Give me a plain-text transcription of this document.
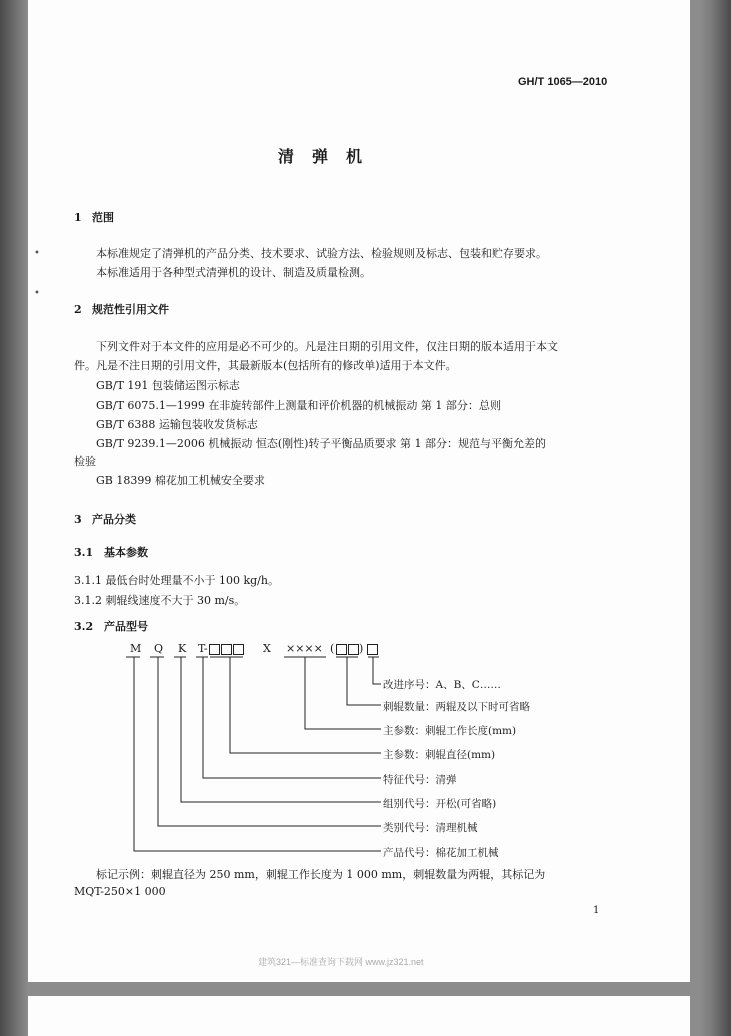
GH/T 1065—2010
清弹机
•
•
1 范围
本标准规定了清弹机的产品分类、技术要求、试验方法、检验规则及标志、包装和贮存要求。
本标准适用于各种型式清弹机的设计、制造及质量检测。
2 规范性引用文件
下列文件对于本文件的应用是必不可少的。凡是注日期的引用文件，仅注日期的版本适用于本文
件。凡是不注日期的引用文件，其最新版本(包括所有的修改单)适用于本文件。
GB/T 191 包装储运图示标志
GB/T 6075.1—1999 在非旋转部件上测量和评价机器的机械振动 第 1 部分：总则
GB/T 6388 运输包装收发货标志
GB/T 9239.1—2006 机械振动 恒态(刚性)转子平衡品质要求 第 1 部分：规范与平衡允差的
检验
GB 18399 棉花加工机械安全要求
3 产品分类
3.1 基本参数
3.1.1 最低台时处理量不小于 100 kg/h。
3.1.2 刺辊线速度不大于 30 m/s。
3.2 产品型号
M Q K T-	X ×××× ( )
改进序号：A、B、C……
刺辊数量：两辊及以下时可省略
主参数：刺辊工作长度(mm)
主参数：刺辊直径(mm)
特征代号：清弹
组别代号：开松(可省略)
类别代号：清理机械
产品代号：棉花加工机械
标记示例：刺辊直径为 250 mm，刺辊工作长度为 1 000 mm，刺辊数量为两辊，其标记为
MQT-250×1 000
1
建筑321—标准查询下载网 www.jz321.net
